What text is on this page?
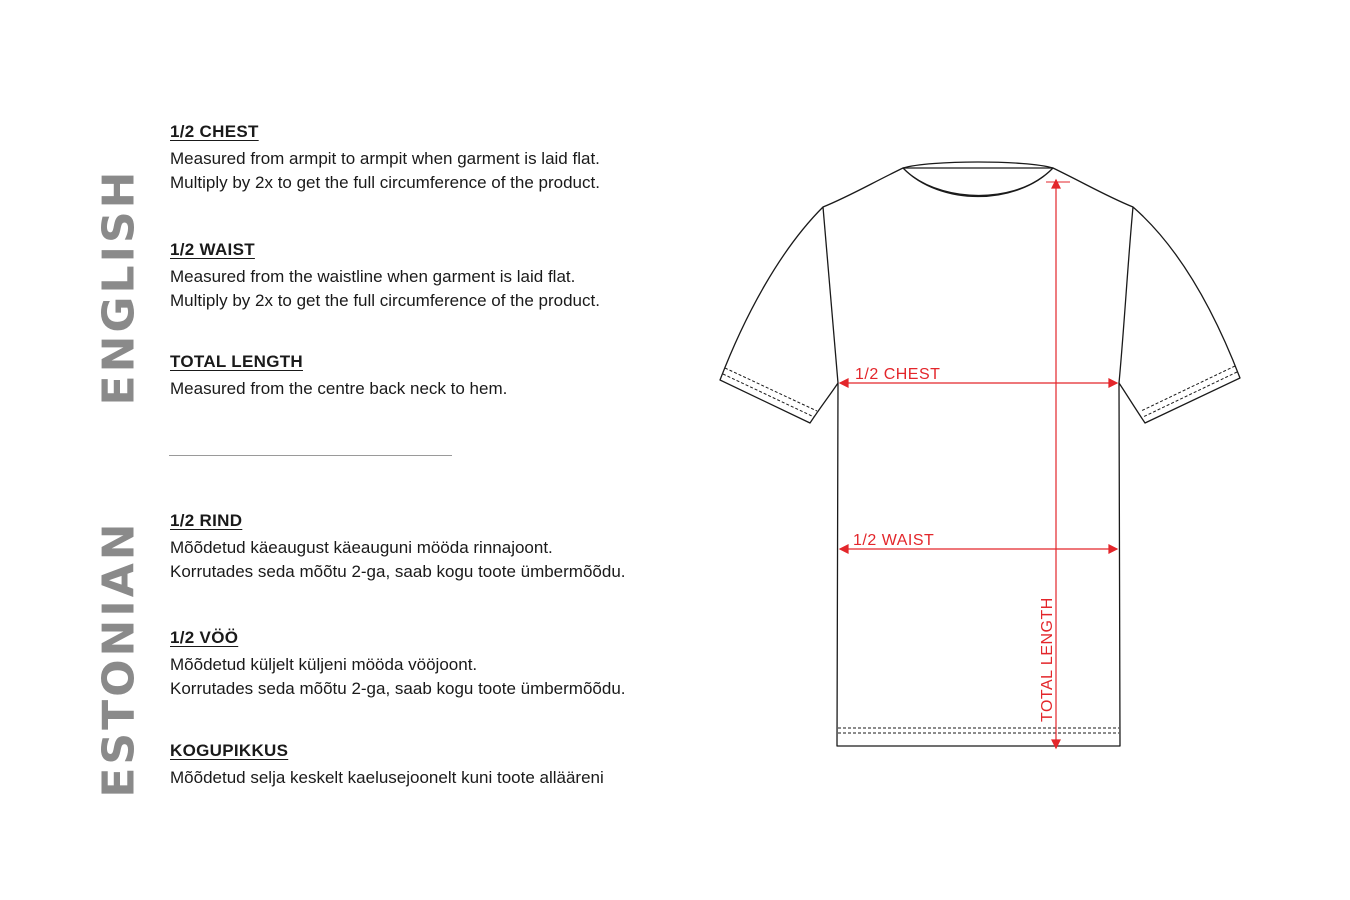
ENGLISH
ESTONIAN

1/2 CHEST

Measured from armpit to armpit when garment is laid flat.

Multiply by 2x to get the full circumference of the product.

1/2 WAIST

Measured from the waistline when garment is laid flat.

Multiply by 2x to get the full circumference of the product.

TOTAL LENGTH

Measured from the centre back neck to hem.

1/2 RIND

Mõõdetud käeaugust käeauguni mööda rinnajoont.

Korrutades seda mõõtu 2-ga, saab kogu toote ümbermõõdu.

1/2 VÖÖ

Mõõdetud küljelt küljeni mööda vööjoont.

Korrutades seda mõõtu 2-ga, saab kogu toote ümbermõõdu.

KOGUPIKKUS

Mõõdetud selja keskelt kaelusejoonelt kuni toote allääreni

1/2 CHEST
1/2 WAIST
TOTAL LENGTH
